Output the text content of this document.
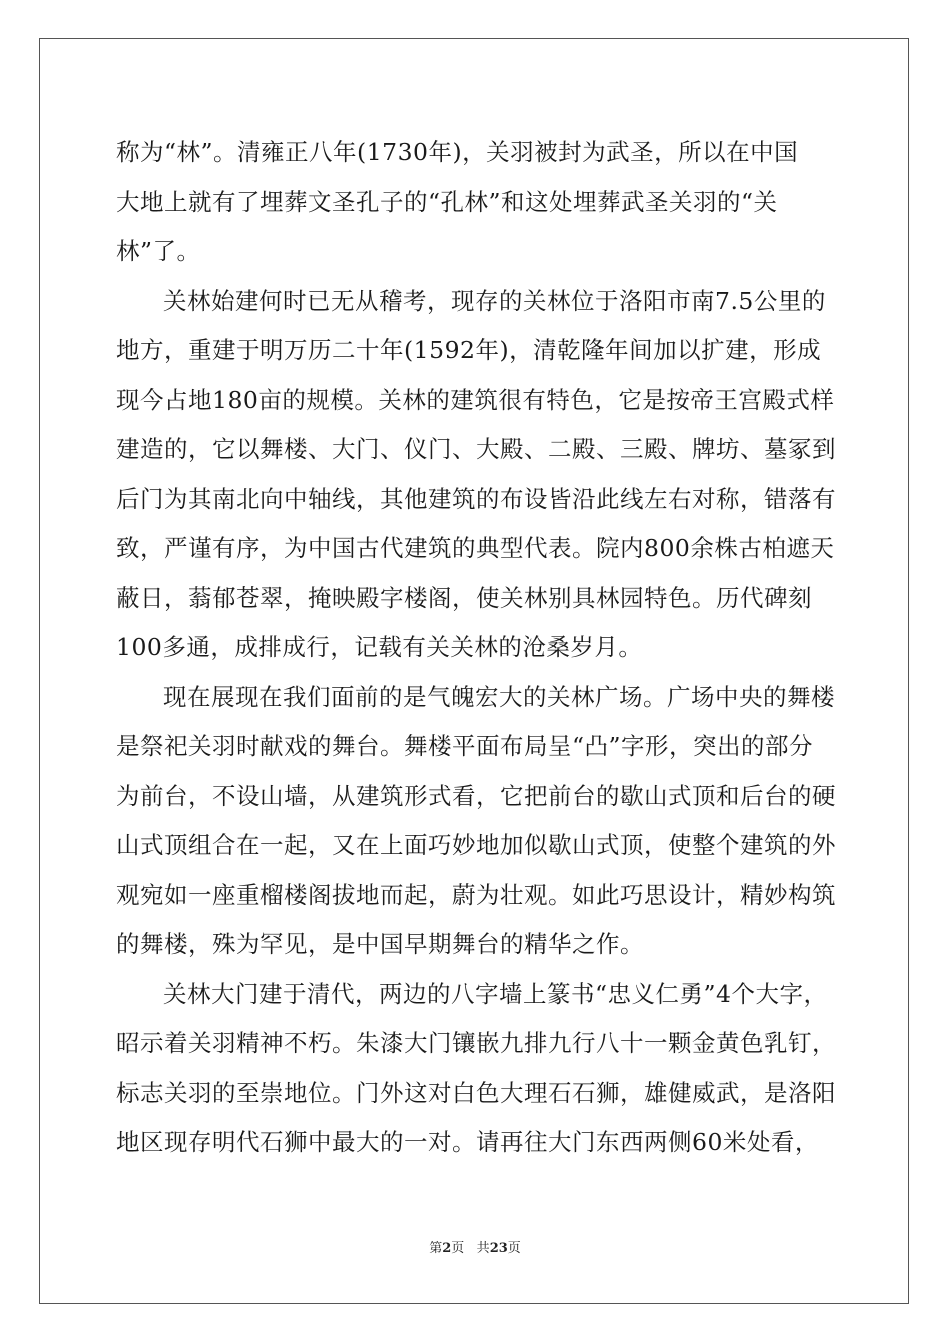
称为“林”。清雍正八年(1730年)，关羽被封为武圣，所以在中国
大地上就有了埋葬文圣孔子的“孔林”和这处埋葬武圣关羽的“关
林”了。
关林始建何时已无从稽考，现存的关林位于洛阳市南7.5公里的
地方，重建于明万历二十年(1592年)，清乾隆年间加以扩建，形成
现今占地180亩的规模。关林的建筑很有特色，它是按帝王宫殿式样
建造的，它以舞楼、大门、仪门、大殿、二殿、三殿、牌坊、墓冢到
后门为其南北向中轴线，其他建筑的布设皆沿此线左右对称，错落有
致，严谨有序，为中国古代建筑的典型代表。院内800余株古柏遮天
蔽日，蓊郁苍翠，掩映殿字楼阁，使关林别具林园特色。历代碑刻
100多通，成排成行，记载有关关林的沧桑岁月。
现在展现在我们面前的是气魄宏大的关林广场。广场中央的舞楼
是祭祀关羽时献戏的舞台。舞楼平面布局呈“凸”字形，突出的部分
为前台，不设山墙，从建筑形式看，它把前台的歇山式顶和后台的硬
山式顶组合在一起，又在上面巧妙地加似歇山式顶，使整个建筑的外
观宛如一座重榴楼阁拔地而起，蔚为壮观。如此巧思设计，精妙构筑
的舞楼，殊为罕见，是中国早期舞台的精华之作。
关林大门建于清代，两边的八字墙上篆书“忠义仁勇”4个大字，
昭示着关羽精神不朽。朱漆大门镶嵌九排九行八十一颗金黄色乳钉，
标志关羽的至崇地位。门外这对白色大理石石狮，雄健威武，是洛阳
地区现存明代石狮中最大的一对。请再往大门东西两侧60米处看，
第2页 共23页
